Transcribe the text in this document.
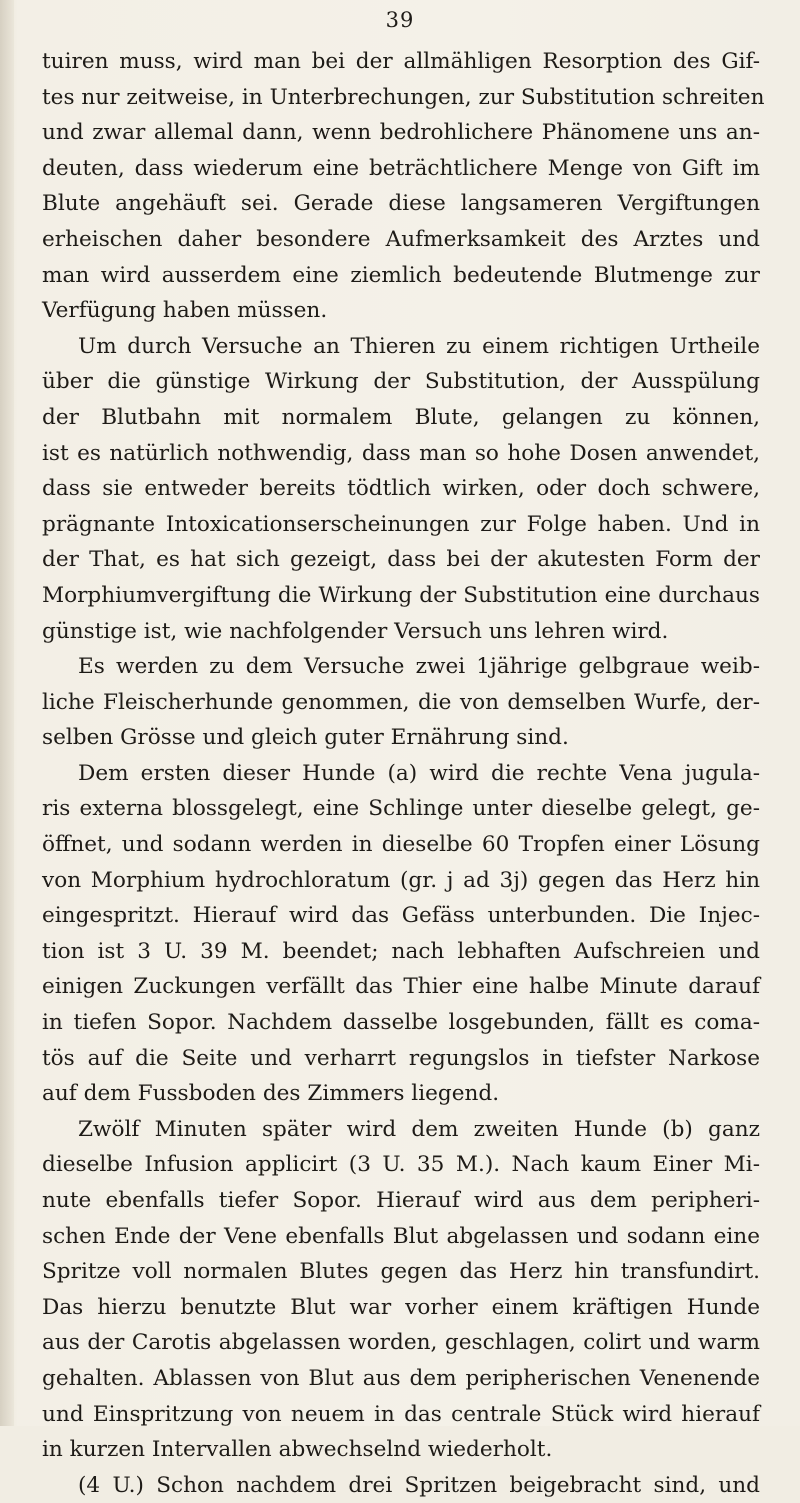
39
tuiren muss, wird man bei der allmähligen Resorption des Gif-
tes nur zeitweise, in Unterbrechungen, zur Substitution schreiten
und zwar allemal dann, wenn bedrohlichere Phänomene uns an-
deuten, dass wiederum eine beträchtlichere Menge von Gift im
Blute angehäuft sei. Gerade diese langsameren Vergiftungen
erheischen daher besondere Aufmerksamkeit des Arztes und
man wird ausserdem eine ziemlich bedeutende Blutmenge zur
Verfügung haben müssen.
Um durch Versuche an Thieren zu einem richtigen Urtheile
über die günstige Wirkung der Substitution, der Ausspülung
der Blutbahn mit normalem Blute, gelangen zu können,
ist es natürlich nothwendig, dass man so hohe Dosen anwendet,
dass sie entweder bereits tödtlich wirken, oder doch schwere,
prägnante Intoxicationserscheinungen zur Folge haben. Und in
der That, es hat sich gezeigt, dass bei der akutesten Form der
Morphiumvergiftung die Wirkung der Substitution eine durchaus
günstige ist, wie nachfolgender Versuch uns lehren wird.
Es werden zu dem Versuche zwei 1jährige gelbgraue weib-
liche Fleischerhunde genommen, die von demselben Wurfe, der-
selben Grösse und gleich guter Ernährung sind.
Dem ersten dieser Hunde (a) wird die rechte Vena jugula-
ris externa blossgelegt, eine Schlinge unter dieselbe gelegt, ge-
öffnet, und sodann werden in dieselbe 60 Tropfen einer Lösung
von Morphium hydrochloratum (gr. j ad 3j) gegen das Herz hin
eingespritzt. Hierauf wird das Gefäss unterbunden. Die Injec-
tion ist 3 U. 39 M. beendet; nach lebhaften Aufschreien und
einigen Zuckungen verfällt das Thier eine halbe Minute darauf
in tiefen Sopor. Nachdem dasselbe losgebunden, fällt es coma-
tös auf die Seite und verharrt regungslos in tiefster Narkose
auf dem Fussboden des Zimmers liegend.
Zwölf Minuten später wird dem zweiten Hunde (b) ganz
dieselbe Infusion applicirt (3 U. 35 M.). Nach kaum Einer Mi-
nute ebenfalls tiefer Sopor. Hierauf wird aus dem peripheri-
schen Ende der Vene ebenfalls Blut abgelassen und sodann eine
Spritze voll normalen Blutes gegen das Herz hin transfundirt.
Das hierzu benutzte Blut war vorher einem kräftigen Hunde
aus der Carotis abgelassen worden, geschlagen, colirt und warm
gehalten. Ablassen von Blut aus dem peripherischen Venenende
und Einspritzung von neuem in das centrale Stück wird hierauf
in kurzen Intervallen abwechselnd wiederholt.
(4 U.) Schon nachdem drei Spritzen beigebracht sind, und
